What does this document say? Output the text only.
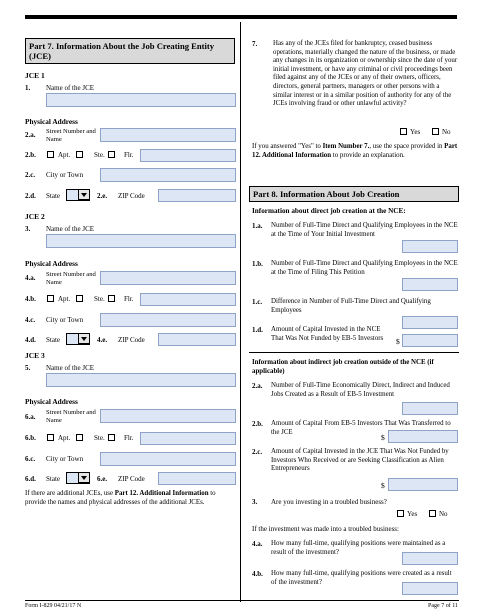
Part 7. Information About the Job Creating Entity (JCE)
JCE 1
1. Name of the JCE
Physical Address
2.a. Street Number and Name
2.b.	Apt.	Ste.	Flr.
2.c. City or Town
2.d. State	2.e. ZIP Code
JCE 2
3. Name of the JCE
Physical Address
4.a. Street Number and Name
4.b.	Apt.	Ste.	Flr.
4.c. City or Town
4.d. State	4.e. ZIP Code
JCE 3
5. Name of the JCE
Physical Address
6.a.
Street Number and Name
6.b.	Apt.	Ste.	Flr.
6.c. City or Town
6.d. State	6.e. ZIP Code
If there are additional JCEs, use Part 12. Additional Information to provide the names and physical addresses of the additional JCEs.
7. Has any of the JCEs filed for bankruptcy, ceased business operations, materially changed the nature of the business, or made any changes in its organization or ownership since the date of your initial investment, or have any criminal or civil proceedings been filed against any of the JCEs or any of their owners, officers, directors, general partners, managers or other persons with a similar interest or in a similar position of authority for any of the JCEs involving fraud or other unlawful activity?
Yes	No
If you answered "Yes" to Item Number 7., use the space provided in Part 12. Additional Information to provide an explanation.
Part 8. Information About Job Creation
Information about direct job creation at the NCE:
1.a. Number of Full-Time Direct and Qualifying Employees in the NCE at the Time of Your Initial Investment
1.b. Number of Full-Time Direct and Qualifying Employees in the NCE at the Time of Filing This Petition
1.c. Difference in Number of Full-Time Direct and Qualifying Employees
1.d. Amount of Capital Invested in the NCE That Was Not Funded by EB-5 Investors	$
Information about indirect job creation outside of the NCE (if applicable)
2.a. Number of Full-Time Economically Direct, Indirect and Induced Jobs Created as a Result of EB-5 Investment
2.b. Amount of Capital From EB-5 Investors That Was Transferred to the JCE
$
2.c. Amount of Capital Invested in the JCE That Was Not Funded by Investors Who Received or are Seeking Classification as Alien Entrepreneurs
$
3. Are you investing in a troubled business?
Yes	No
If the investment was made into a troubled business:
4.a. How many full-time, qualifying positions were maintained as a result of the investment?
4.b. How many full-time, qualifying positions were created as a result of the investment?
Form I-829 04/21/17 N	Page 7 of 11
